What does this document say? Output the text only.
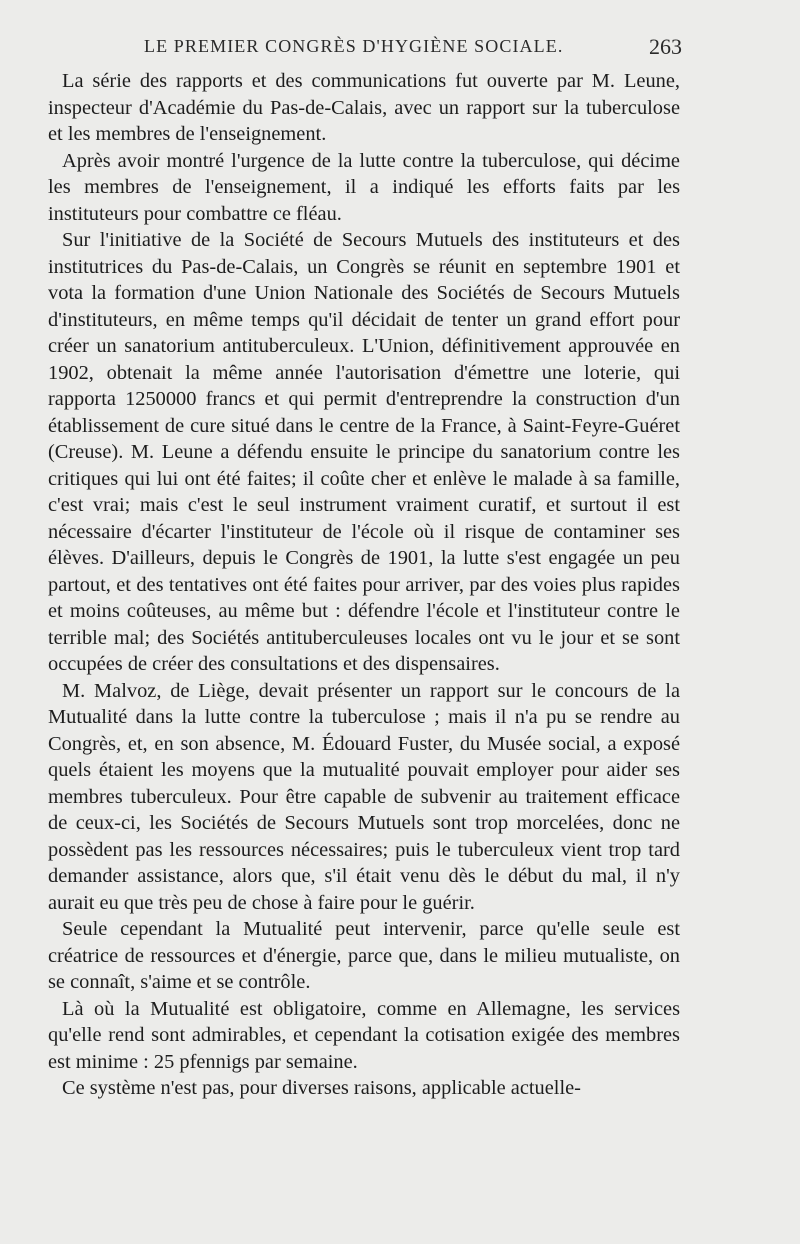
LE PREMIER CONGRÈS D'HYGIÈNE SOCIALE.	263

La série des rapports et des communications fut ouverte par M. Leune, inspecteur d'Académie du Pas-de-Calais, avec un rapport sur la tuberculose et les membres de l'enseignement.

Après avoir montré l'urgence de la lutte contre la tuberculose, qui décime les membres de l'enseignement, il a indiqué les efforts faits par les instituteurs pour combattre ce fléau.

Sur l'initiative de la Société de Secours Mutuels des instituteurs et des institutrices du Pas-de-Calais, un Congrès se réunit en septembre 1901 et vota la formation d'une Union Nationale des Sociétés de Secours Mutuels d'instituteurs, en même temps qu'il décidait de tenter un grand effort pour créer un sanatorium antituberculeux. L'Union, définitivement approuvée en 1902, obtenait la même année l'autorisation d'émettre une loterie, qui rapporta 1250000 francs et qui permit d'entreprendre la construction d'un établissement de cure situé dans le centre de la France, à Saint-Feyre-Guéret (Creuse). M. Leune a défendu ensuite le principe du sanatorium contre les critiques qui lui ont été faites; il coûte cher et enlève le malade à sa famille, c'est vrai; mais c'est le seul instrument vraiment curatif, et surtout il est nécessaire d'écarter l'instituteur de l'école où il risque de contaminer ses élèves. D'ailleurs, depuis le Congrès de 1901, la lutte s'est engagée un peu partout, et des tentatives ont été faites pour arriver, par des voies plus rapides et moins coûteuses, au même but : défendre l'école et l'instituteur contre le terrible mal; des Sociétés antituberculeuses locales ont vu le jour et se sont occupées de créer des consultations et des dispensaires.

M. Malvoz, de Liège, devait présenter un rapport sur le concours de la Mutualité dans la lutte contre la tuberculose ; mais il n'a pu se rendre au Congrès, et, en son absence, M. Édouard Fuster, du Musée social, a exposé quels étaient les moyens que la mutualité pouvait employer pour aider ses membres tuberculeux. Pour être capable de subvenir au traitement efficace de ceux-ci, les Sociétés de Secours Mutuels sont trop morcelées, donc ne possèdent pas les ressources nécessaires; puis le tuberculeux vient trop tard demander assistance, alors que, s'il était venu dès le début du mal, il n'y aurait eu que très peu de chose à faire pour le guérir.

Seule cependant la Mutualité peut intervenir, parce qu'elle seule est créatrice de ressources et d'énergie, parce que, dans le milieu mutualiste, on se connaît, s'aime et se contrôle.

Là où la Mutualité est obligatoire, comme en Allemagne, les services qu'elle rend sont admirables, et cependant la cotisation exigée des membres est minime : 25 pfennigs par semaine.

Ce système n'est pas, pour diverses raisons, applicable actuelle-
